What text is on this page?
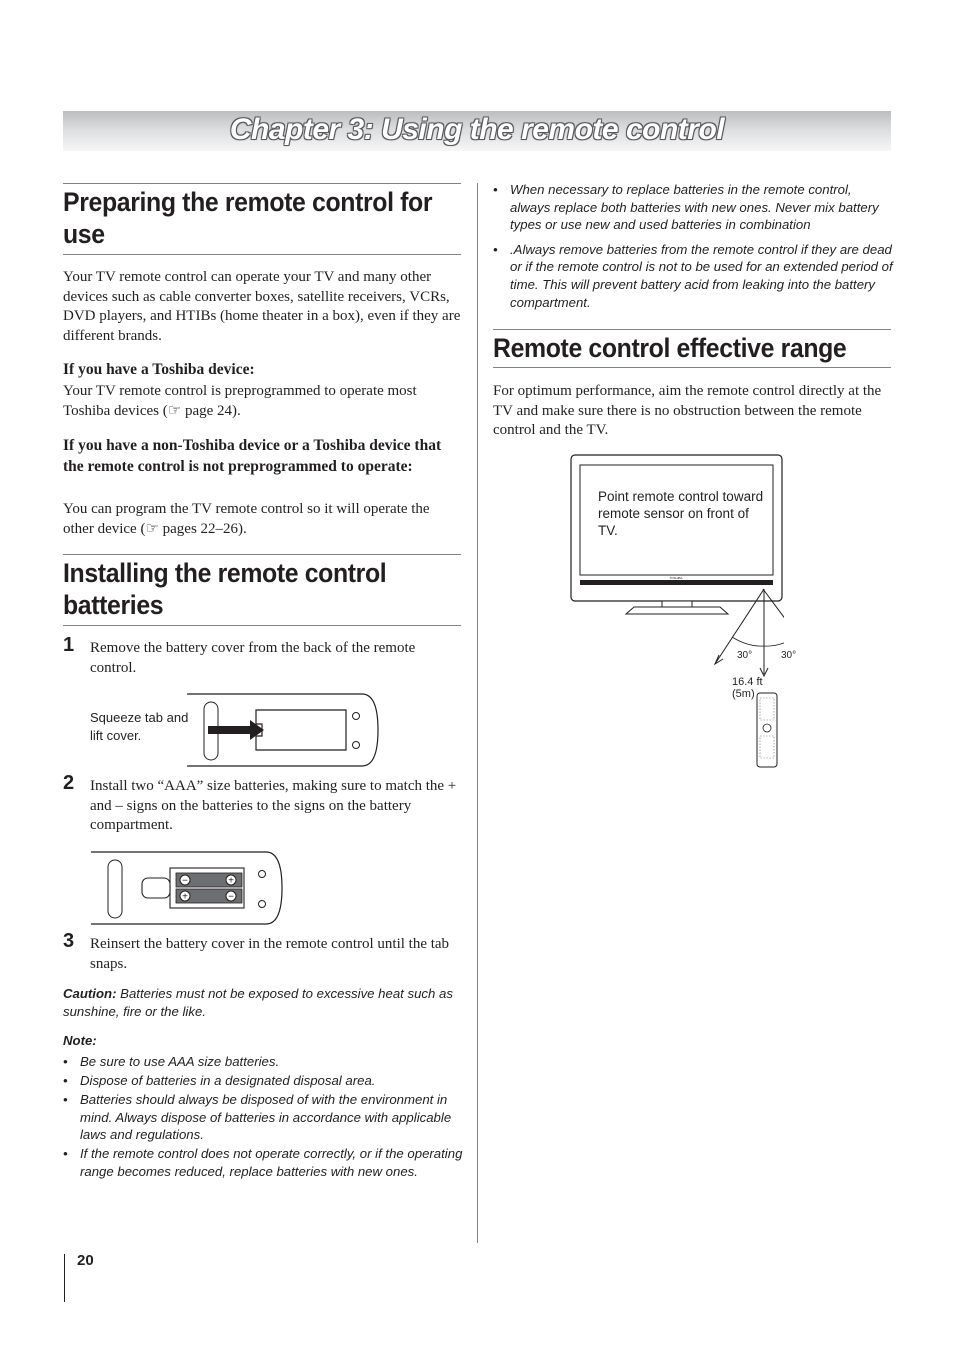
Chapter 3: Using the remote control
Preparing the remote control for use

Your TV remote control can operate your TV and many other devices such as cable converter boxes, satellite receivers, VCRs, DVD players, and HTIBs (home theater in a box), even if they are different brands.

If you have a Toshiba device:

Your TV remote control is preprogrammed to operate most Toshiba devices (☞ page 24).

If you have a non-Toshiba device or a Toshiba device that the remote control is not preprogrammed to operate:

You can program the TV remote control so it will operate the other device (☞ pages 22–26).

Installing the remote control batteries
1 Remove the battery cover from the back of the remote control.

Squeeze tab and lift cover.
2 Install two “AAA” size batteries, making sure to match the + and – signs on the batteries to the signs on the battery compartment.

−	+
+	−
3 Reinsert the battery cover in the remote control until the tab snaps.

Caution: Batteries must not be exposed to excessive heat such as sunshine, fire or the like.

Note:

• Be sure to use AAA size batteries.
• Dispose of batteries in a designated disposal area.
• Batteries should always be disposed of with the environment in mind. Always dispose of batteries in accordance with applicable laws and regulations.
• If the remote control does not operate correctly, or if the operating range becomes reduced, replace batteries with new ones.
• When necessary to replace batteries in the remote control, always replace both batteries with new ones. Never mix battery types or use new and used batteries in combination
• .Always remove batteries from the remote control if they are dead or if the remote control is not to be used for an extended period of time. This will prevent battery acid from leaking into the battery compartment.
Remote control effective range

For optimum performance, aim the remote control directly at the TV and make sure there is no obstruction between the remote control and the TV.

TOSHIBA
Point remote control toward remote sensor on front of TV.
30°	30°
16.4 ft (5m)
20
